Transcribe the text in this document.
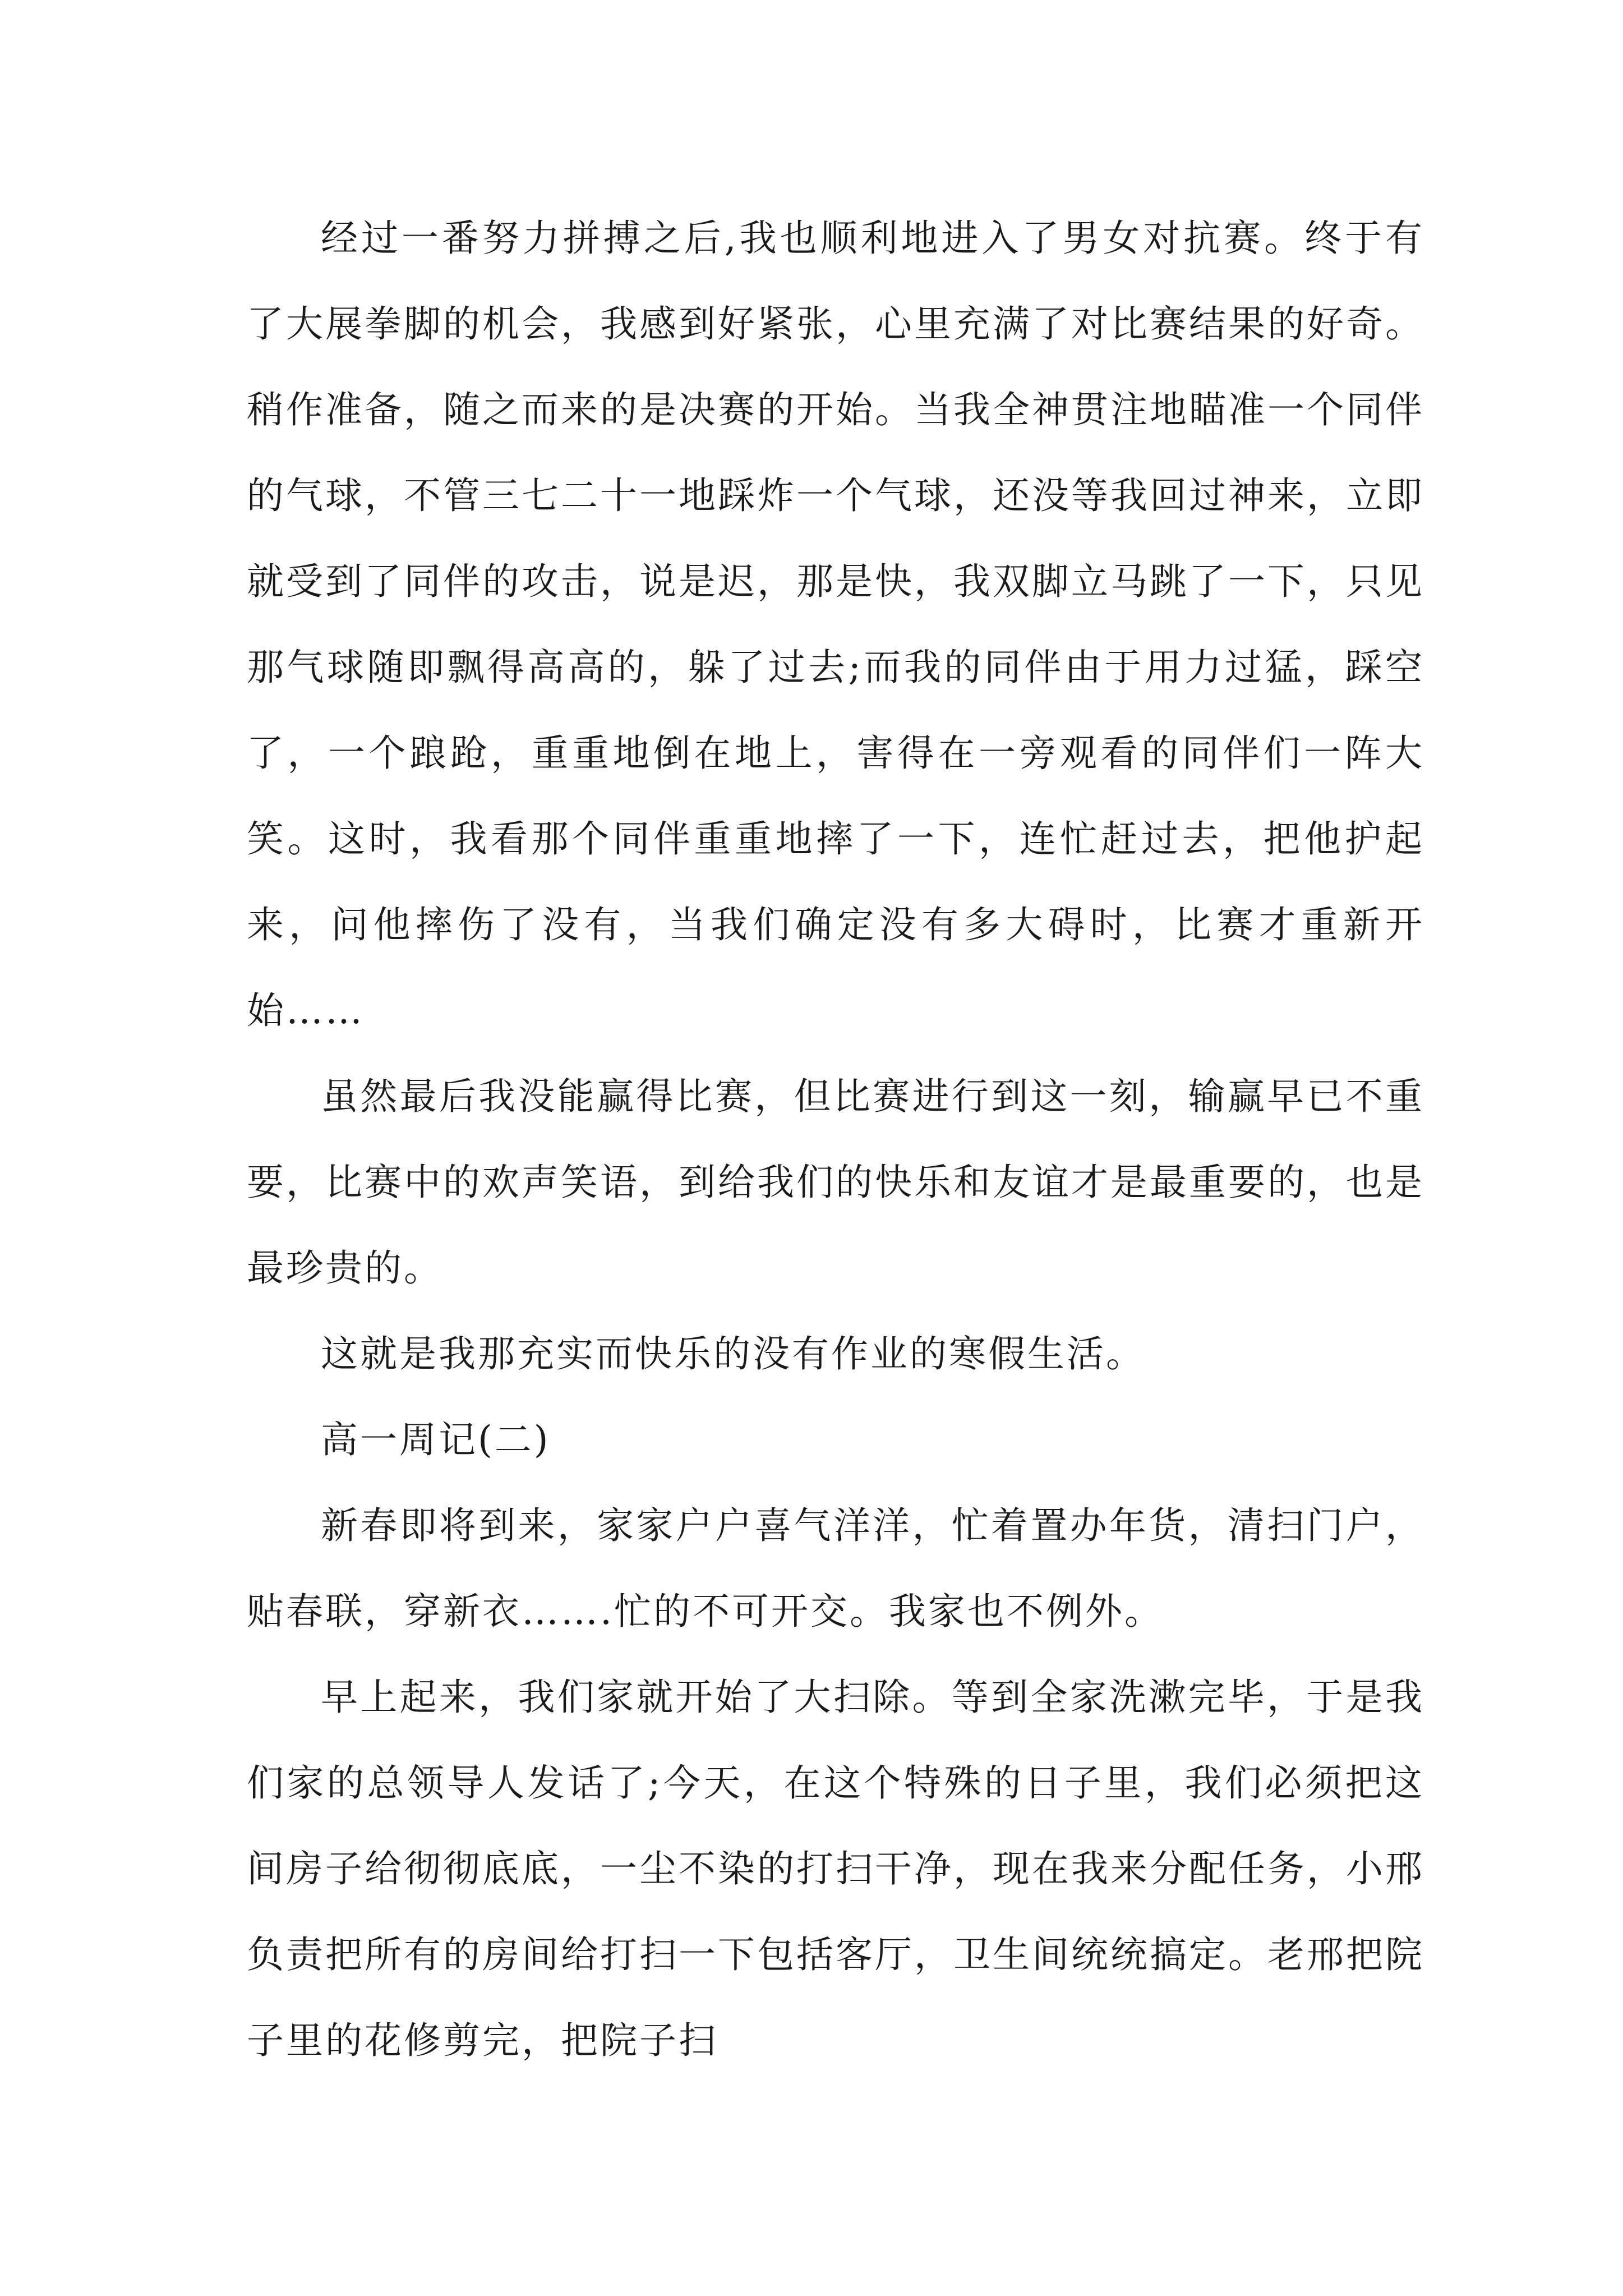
经过一番努力拼搏之后,我也顺利地进入了男女对抗赛。终于有了大展拳脚的机会，我感到好紧张，心里充满了对比赛结果的好奇。稍作准备，随之而来的是决赛的开始。当我全神贯注地瞄准一个同伴的气球，不管三七二十一地踩炸一个气球，还没等我回过神来，立即就受到了同伴的攻击，说是迟，那是快，我双脚立马跳了一下，只见那气球随即飘得高高的，躲了过去;而我的同伴由于用力过猛，踩空了，一个踉跄，重重地倒在地上，害得在一旁观看的同伴们一阵大笑。这时，我看那个同伴重重地摔了一下，连忙赶过去，把他护起来，问他摔伤了没有，当我们确定没有多大碍时，比赛才重新开始……

虽然最后我没能赢得比赛，但比赛进行到这一刻，输赢早已不重要，比赛中的欢声笑语，到给我们的快乐和友谊才是最重要的，也是最珍贵的。

这就是我那充实而快乐的没有作业的寒假生活。

高一周记(二)

新春即将到来，家家户户喜气洋洋，忙着置办年货，清扫门户，贴春联，穿新衣…….忙的不可开交。我家也不例外。

早上起来，我们家就开始了大扫除。等到全家洗漱完毕，于是我们家的总领导人发话了;今天，在这个特殊的日子里，我们必须把这间房子给彻彻底底，一尘不染的打扫干净，现在我来分配任务，小邢负责把所有的房间给打扫一下包括客厅，卫生间统统搞定。老邢把院子里的花修剪完，把院子扫
